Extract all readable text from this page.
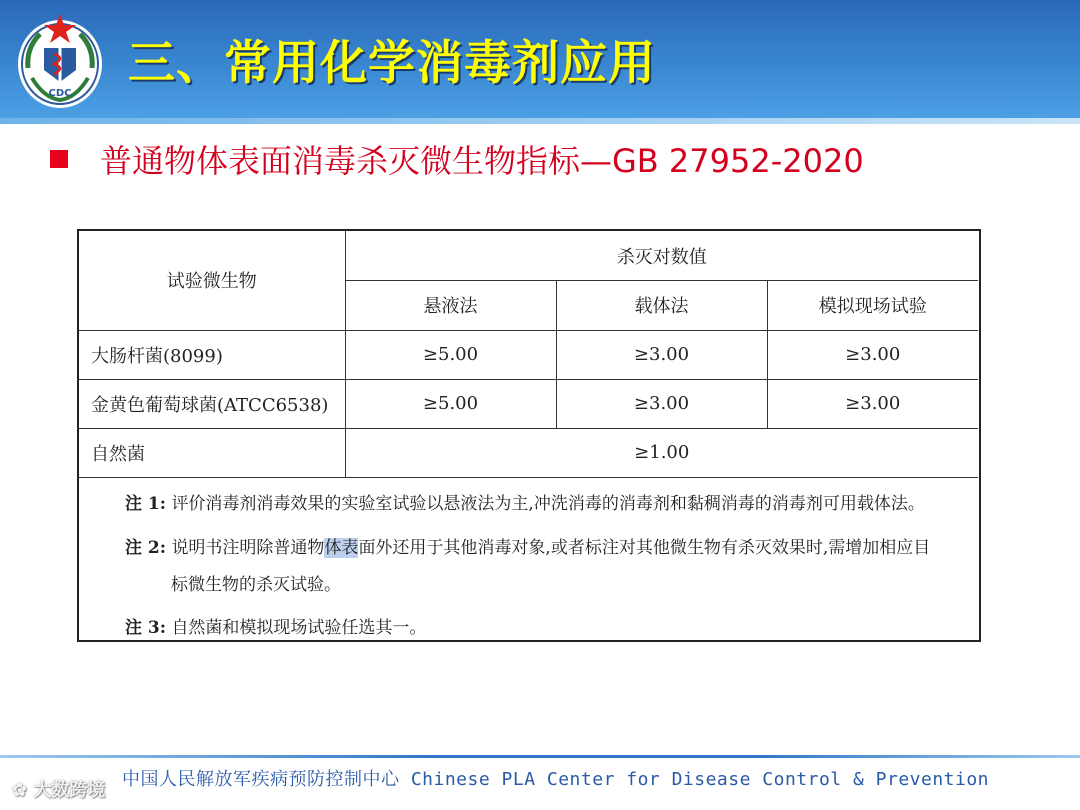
CDC
三、常用化学消毒剂应用
普通物体表面消毒杀灭微生物指标—GB 27952-2020
试验微生物	杀灭对数值		
	悬液法	载体法	模拟现场试验
大肠杆菌(8099)	≥5.00	≥3.00	≥3.00
金黄色葡萄球菌(ATCC6538)	≥5.00	≥3.00	≥3.00
自然菌	≥1.00		
注 1: 评价消毒剂消毒效果的实验室试验以悬液法为主,冲洗消毒的消毒剂和黏稠消毒的消毒剂可用载体法。
注 2: 说明书注明除普通物体表面外还用于其他消毒对象,或者标注对其他微生物有杀灭效果时,需增加相应目
标微生物的杀灭试验。
注 3: 自然菌和模拟现场试验任选其一。
中国人民解放军疾病预防控制中心 Chinese PLA Center for Disease Control & Prevention
✿ 大数跨境
